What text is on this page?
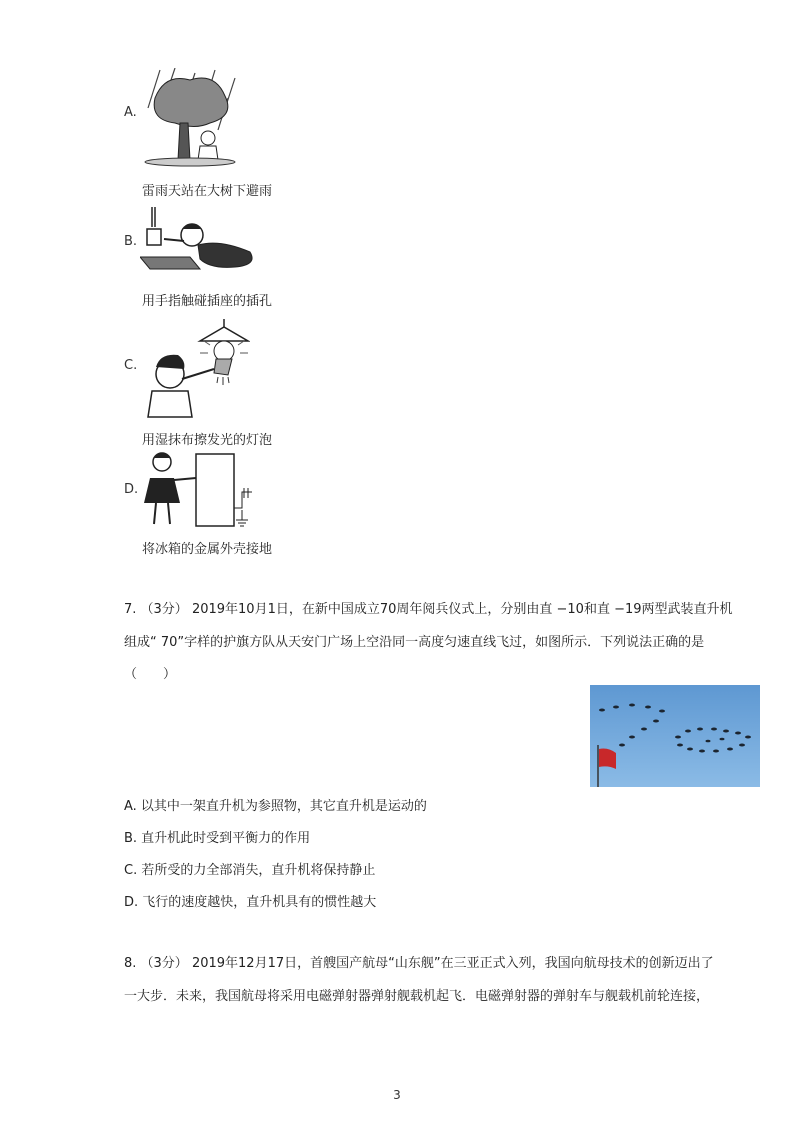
A.
雷雨天站在大树下避雨
B.
用手指触碰插座的插孔
C.
用湿抹布擦发光的灯泡
D.
将冰箱的金属外壳接地
7. （3分） 2019年10月1日，在新中国成立70周年阅兵仪式上，分别由直 −10和直 −19两型武装直升机
组成“ 70”字样的护旗方队从天安门广场上空沿同一高度匀速直线飞过，如图所示．下列说法正确的是
（　　）
A. 以其中一架直升机为参照物，其它直升机是运动的
B. 直升机此时受到平衡力的作用
C. 若所受的力全部消失，直升机将保持静止
D. 飞行的速度越快，直升机具有的惯性越大
8. （3分） 2019年12月17日，首艘国产航母“山东舰”在三亚正式入列，我国向航母技术的创新迈出了
一大步．未来，我国航母将采用电磁弹射器弹射舰载机起飞．电磁弹射器的弹射车与舰载机前轮连接，
3
